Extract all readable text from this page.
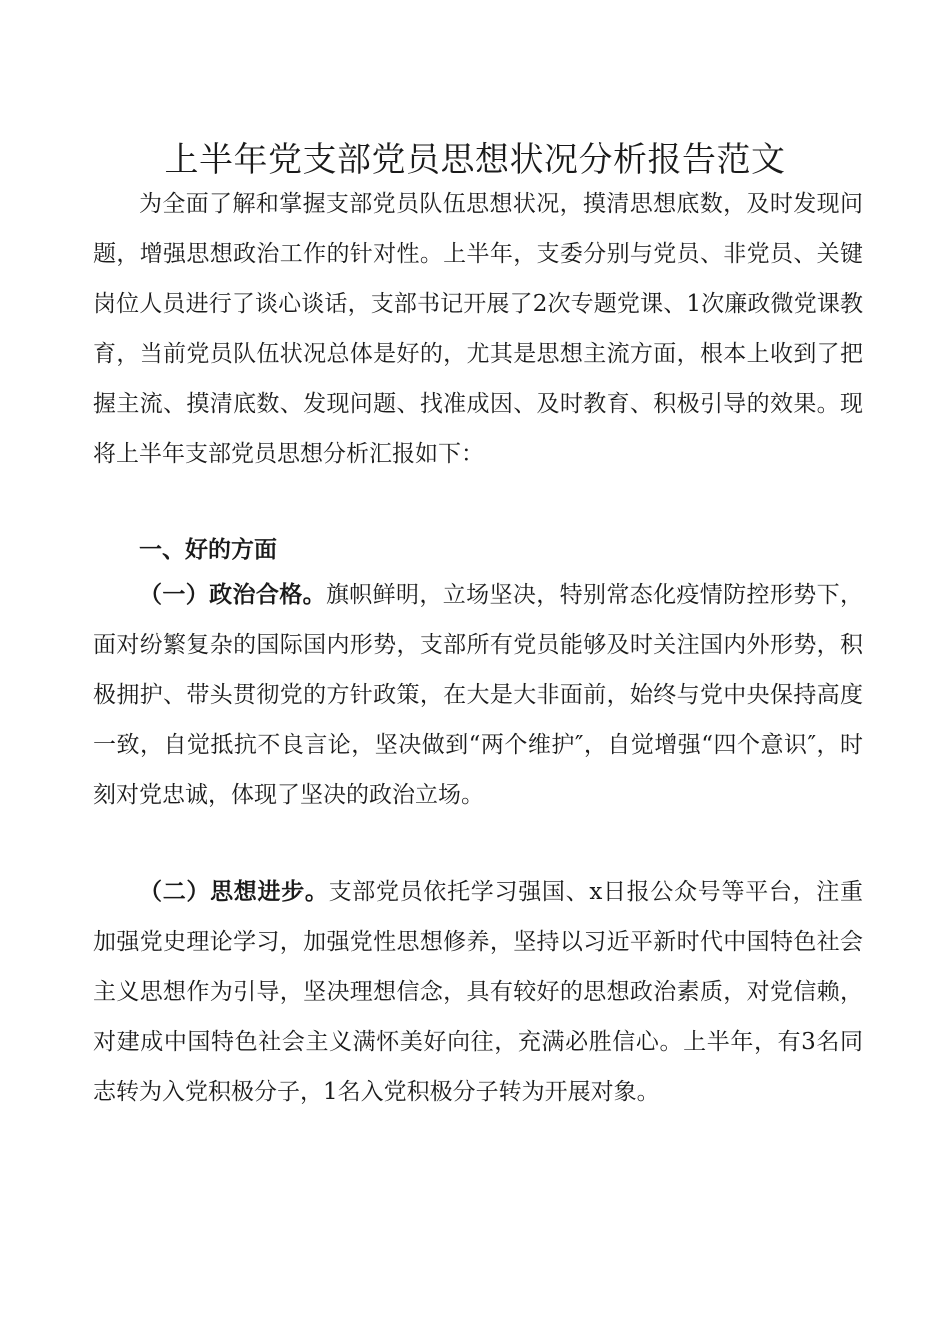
上半年党支部党员思想状况分析报告范文

为全面了解和掌握支部党员队伍思想状况，摸清思想底数，及时发现问题，增强思想政治工作的针对性。上半年，支委分别与党员、非党员、关键岗位人员进行了谈心谈话，支部书记开展了2次专题党课、1次廉政微党课教育，当前党员队伍状况总体是好的，尤其是思想主流方面，根本上收到了把握主流、摸清底数、发现问题、找准成因、及时教育、积极引导的效果。现将上半年支部党员思想分析汇报如下：

一、好的方面

（一）政治合格。旗帜鲜明，立场坚决，特别常态化疫情防控形势下，面对纷繁复杂的国际国内形势，支部所有党员能够及时关注国内外形势，积极拥护、带头贯彻党的方针政策，在大是大非面前，始终与党中央保持高度一致，自觉抵抗不良言论，坚决做到“两个维护″，自觉增强“四个意识″，时刻对党忠诚，体现了坚决的政治立场。

（二）思想进步。支部党员依托学习强国、x日报公众号等平台，注重加强党史理论学习，加强党性思想修养，坚持以习近平新时代中国特色社会主义思想作为引导，坚决理想信念，具有较好的思想政治素质，对党信赖，对建成中国特色社会主义满怀美好向往，充满必胜信心。上半年，有3名同志转为入党积极分子，1名入党积极分子转为开展对象。
